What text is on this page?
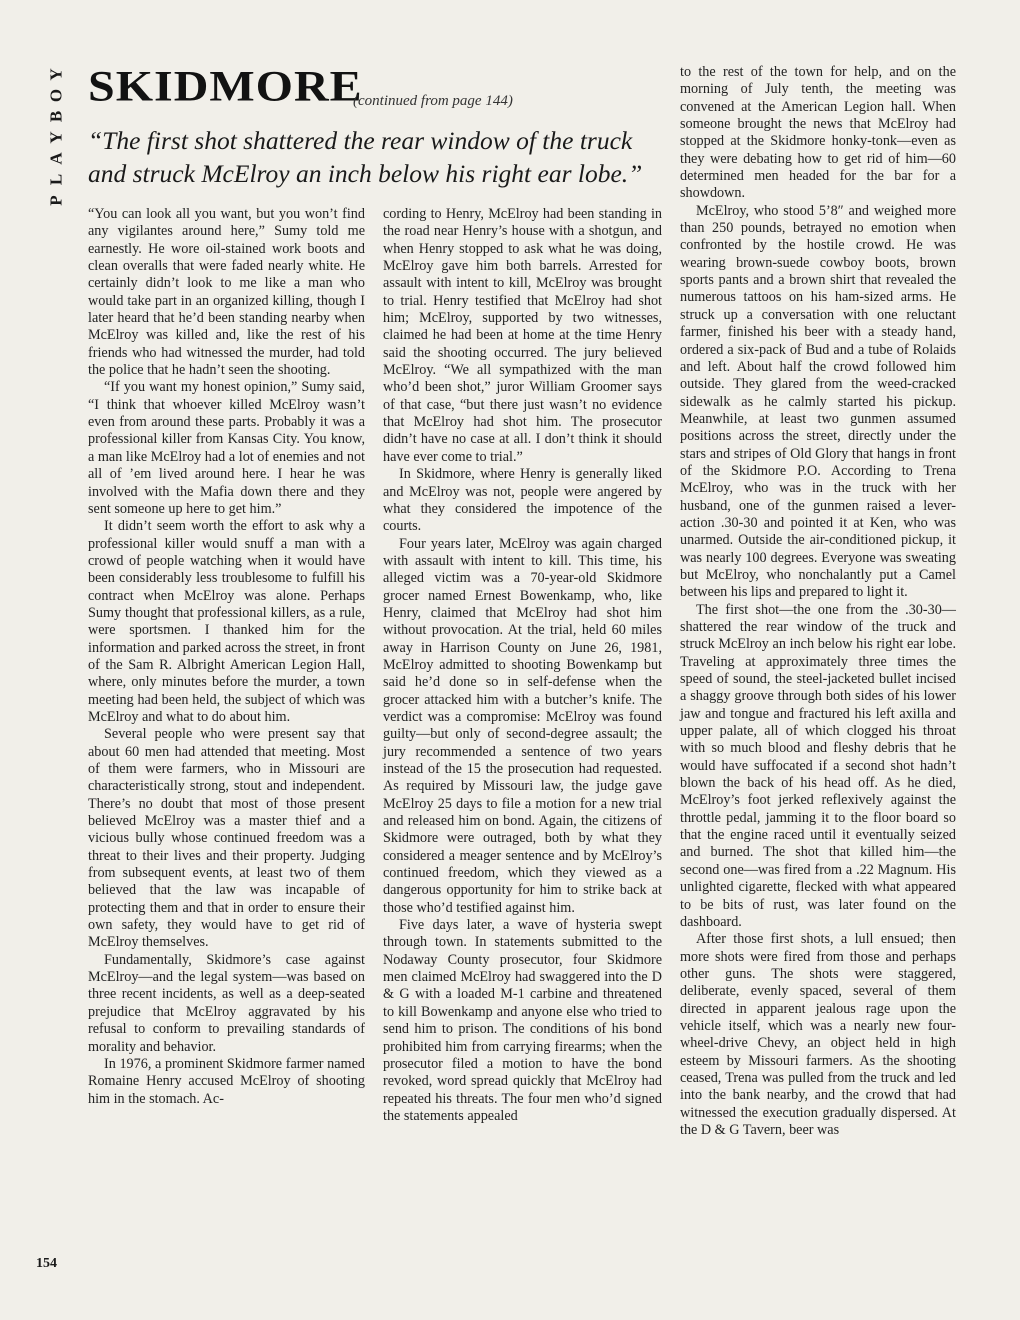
Y
O
B
Y
A
L
P
SKIDMORE
(continued from page 144)
“The first shot shattered the rear window of the truck and struck McElroy an inch below his right ear lobe.”

“You can look all you want, but you won’t find any vigilantes around here,” Sumy told me earnestly. He wore oil-stained work boots and clean overalls that were faded nearly white. He certainly didn’t look to me like a man who would take part in an organized killing, though I later heard that he’d been standing nearby when McElroy was killed and, like the rest of his friends who had witnessed the murder, had told the police that he hadn’t seen the shooting.

“If you want my honest opinion,” Sumy said, “I think that whoever killed McElroy wasn’t even from around these parts. Probably it was a professional killer from Kansas City. You know, a man like McElroy had a lot of enemies and not all of ’em lived around here. I hear he was involved with the Mafia down there and they sent someone up here to get him.”

It didn’t seem worth the effort to ask why a professional killer would snuff a man with a crowd of people watching when it would have been considerably less troublesome to fulfill his contract when McElroy was alone. Perhaps Sumy thought that professional killers, as a rule, were sportsmen. I thanked him for the information and parked across the street, in front of the Sam R. Albright American Legion Hall, where, only minutes before the murder, a town meeting had been held, the subject of which was McElroy and what to do about him.

Several people who were present say that about 60 men had attended that meeting. Most of them were farmers, who in Missouri are characteristically strong, stout and independent. There’s no doubt that most of those present believed McElroy was a master thief and a vicious bully whose continued freedom was a threat to their lives and their property. Judging from subsequent events, at least two of them believed that the law was incapable of protecting them and that in order to ensure their own safety, they would have to get rid of McElroy themselves.

Fundamentally, Skidmore’s case against McElroy—and the legal system—was based on three recent incidents, as well as a deep-seated prejudice that McElroy aggravated by his refusal to conform to prevailing standards of morality and behavior.

In 1976, a prominent Skidmore farmer named Romaine Henry accused McElroy of shooting him in the stomach. Ac-

cording to Henry, McElroy had been standing in the road near Henry’s house with a shotgun, and when Henry stopped to ask what he was doing, McElroy gave him both barrels. Arrested for assault with intent to kill, McElroy was brought to trial. Henry testified that McElroy had shot him; McElroy, supported by two witnesses, claimed he had been at home at the time Henry said the shooting occurred. The jury believed McElroy. “We all sympathized with the man who’d been shot,” juror William Groomer says of that case, “but there just wasn’t no evidence that McElroy had shot him. The prosecutor didn’t have no case at all. I don’t think it should have ever come to trial.”

In Skidmore, where Henry is generally liked and McElroy was not, people were angered by what they considered the impotence of the courts.

Four years later, McElroy was again charged with assault with intent to kill. This time, his alleged victim was a 70-year-old Skidmore grocer named Ernest Bowenkamp, who, like Henry, claimed that McElroy had shot him without provocation. At the trial, held 60 miles away in Harrison County on June 26, 1981, McElroy admitted to shooting Bowenkamp but said he’d done so in self-defense when the grocer attacked him with a butcher’s knife. The verdict was a compromise: McElroy was found guilty—but only of second-degree assault; the jury recommended a sentence of two years instead of the 15 the prosecution had requested. As required by Missouri law, the judge gave McElroy 25 days to file a motion for a new trial and released him on bond. Again, the citizens of Skidmore were outraged, both by what they considered a meager sentence and by McElroy’s continued freedom, which they viewed as a dangerous opportunity for him to strike back at those who’d testified against him.

Five days later, a wave of hysteria swept through town. In statements submitted to the Nodaway County prosecutor, four Skidmore men claimed McElroy had swaggered into the D & G with a loaded M-1 carbine and threatened to kill Bowenkamp and anyone else who tried to send him to prison. The conditions of his bond prohibited him from carrying firearms; when the prosecutor filed a motion to have the bond revoked, word spread quickly that McElroy had repeated his threats. The four men who’d signed the statements appealed

to the rest of the town for help, and on the morning of July tenth, the meeting was convened at the American Legion hall. When someone brought the news that McElroy had stopped at the Skidmore honky-tonk—even as they were debating how to get rid of him—60 determined men headed for the bar for a showdown.

McElroy, who stood 5’8″ and weighed more than 250 pounds, betrayed no emotion when confronted by the hostile crowd. He was wearing brown-suede cowboy boots, brown sports pants and a brown shirt that revealed the numerous tattoos on his ham-sized arms. He struck up a conversation with one reluctant farmer, finished his beer with a steady hand, ordered a six-pack of Bud and a tube of Rolaids and left. About half the crowd followed him outside. They glared from the weed-cracked sidewalk as he calmly started his pickup. Meanwhile, at least two gunmen assumed positions across the street, directly under the stars and stripes of Old Glory that hangs in front of the Skidmore P.O. According to Trena McElroy, who was in the truck with her husband, one of the gunmen raised a lever-action .30-30 and pointed it at Ken, who was unarmed. Outside the air-conditioned pickup, it was nearly 100 degrees. Everyone was sweating but McElroy, who nonchalantly put a Camel between his lips and prepared to light it.

The first shot—the one from the .30-30—shattered the rear window of the truck and struck McElroy an inch below his right ear lobe. Traveling at approximately three times the speed of sound, the steel-jacketed bullet incised a shaggy groove through both sides of his lower jaw and tongue and fractured his left axilla and upper palate, all of which clogged his throat with so much blood and fleshy debris that he would have suffocated if a second shot hadn’t blown the back of his head off. As he died, McElroy’s foot jerked reflexively against the throttle pedal, jamming it to the floor board so that the engine raced until it eventually seized and burned. The shot that killed him—the second one—was fired from a .22 Magnum. His unlighted cigarette, flecked with what appeared to be bits of rust, was later found on the dashboard.

After those first shots, a lull ensued; then more shots were fired from those and perhaps other guns. The shots were staggered, deliberate, evenly spaced, several of them directed in apparent jealous rage upon the vehicle itself, which was a nearly new four-wheel-drive Chevy, an object held in high esteem by Missouri farmers. As the shooting ceased, Trena was pulled from the truck and led into the bank nearby, and the crowd that had witnessed the execution gradually dispersed. At the D & G Tavern, beer was

154
